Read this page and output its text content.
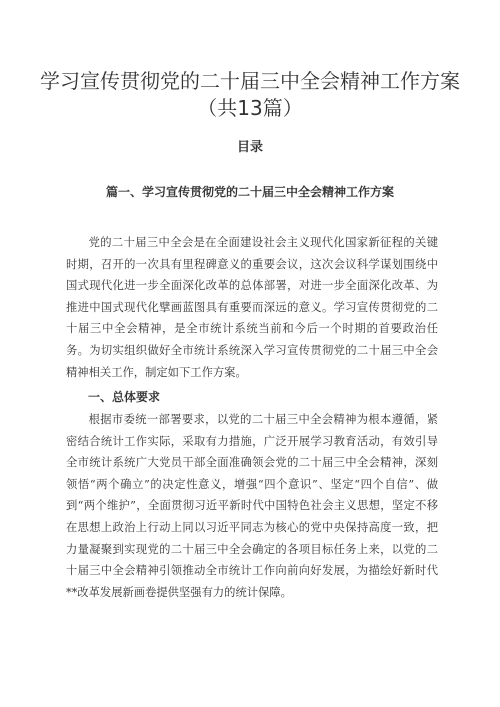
学习宣传贯彻党的二十届三中全会精神工作方案（共13篇）
目录
篇一、学习宣传贯彻党的二十届三中全会精神工作方案

党的二十届三中全会是在全面建设社会主义现代化国家新征程的关键时期，召开的一次具有里程碑意义的重要会议，这次会议科学谋划围绕中国式现代化进一步全面深化改革的总体部署，对进一步全面深化改革、为推进中国式现代化擘画蓝图具有重要而深远的意义。学习宣传贯彻党的二十届三中全会精神，是全市统计系统当前和今后一个时期的首要政治任务。为切实组织做好全市统计系统深入学习宣传贯彻党的二十届三中全会精神相关工作，制定如下工作方案。

一、总体要求

根据市委统一部署要求，以党的二十届三中全会精神为根本遵循，紧密结合统计工作实际，采取有力措施，广泛开展学习教育活动，有效引导全市统计系统广大党员干部全面准确领会党的二十届三中全会精神，深刻领悟“两个确立”的决定性意义，增强“四个意识”、坚定“四个自信”、做到“两个维护”，全面贯彻习近平新时代中国特色社会主义思想，坚定不移在思想上政治上行动上同以习近平同志为核心的党中央保持高度一致，把力量凝聚到实现党的二十届三中全会确定的各项目标任务上来，以党的二十届三中全会精神引领推动全市统计工作向前向好发展，为描绘好新时代**改革发展新画卷提供坚强有力的统计保障。
